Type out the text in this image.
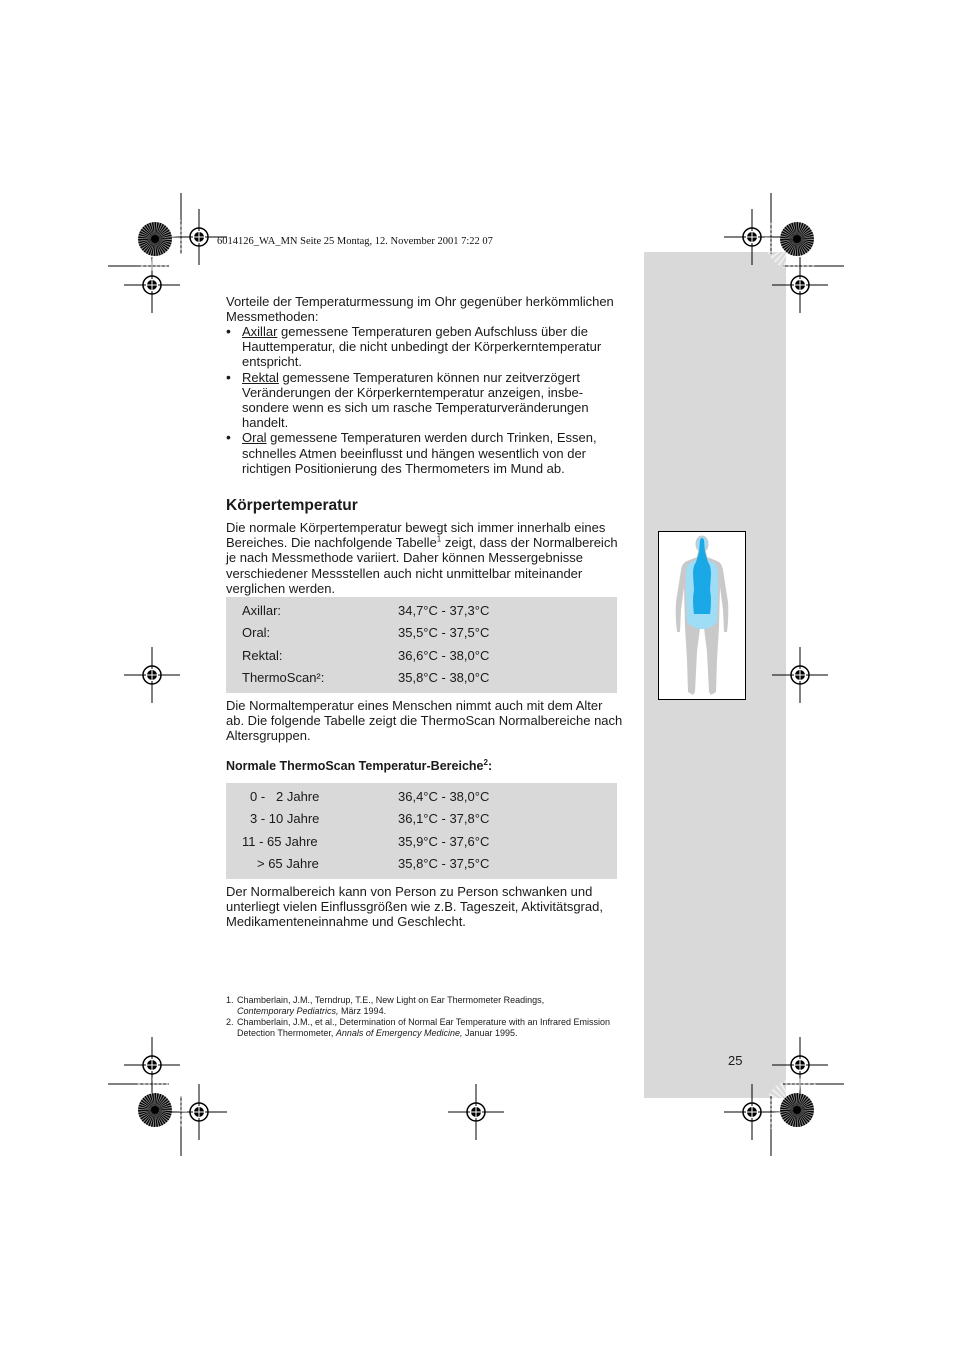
6014126_WA_MN Seite 25 Montag, 12. November 2001 7:22 07
Vorteile der Temperaturmessung im Ohr gegenüber herkömmlichen Messmethoden:
• Axillar gemessene Temperaturen geben Aufschluss über die Hauttemperatur, die nicht unbedingt der Körperkerntemperatur entspricht.
• Rektal gemessene Temperaturen können nur zeitverzögert Veränderungen der Körperkerntemperatur anzeigen, insbe-sondere wenn es sich um rasche Temperaturveränderungen handelt.
• Oral gemessene Temperaturen werden durch Trinken, Essen, schnelles Atmen beeinflusst und hängen wesentlich von der richtigen Positionierung des Thermometers im Mund ab.
Körpertemperatur
Die normale Körpertemperatur bewegt sich immer innerhalb eines Bereiches. Die nachfolgende Tabelle$^1$ zeigt, dass der Normalbereich je nach Messmethode variiert. Daher können Messergebnisse verschiedener Messstellen auch nicht unmittelbar miteinander verglichen werden.
Axillar:	34,7°C - 37,3°C
Oral:	35,5°C - 37,5°C
Rektal:	36,6°C - 38,0°C
ThermoScan²:	35,8°C - 38,0°C
Die Normaltemperatur eines Menschen nimmt auch mit dem Alter ab. Die folgende Tabelle zeigt die ThermoScan Normalbereiche nach Altersgruppen.
Normale ThermoScan Temperatur-Bereiche$^2$:
0 -   2 Jahre	36,4°C - 38,0°C
3 - 10 Jahre	36,1°C - 37,8°C
11 - 65 Jahre	35,9°C - 37,6°C
> 65 Jahre	35,8°C - 37,5°C
Der Normalbereich kann von Person zu Person schwanken und unterliegt vielen Einflussgrößen wie z.B. Tageszeit, Aktivitätsgrad, Medikamenteneinnahme und Geschlecht.
1. Chamberlain, J.M., Terndrup, T.E., New Light on Ear Thermometer Readings,
Contemporary Pediatrics, März 1994.
2. Chamberlain, J.M., et al., Determination of Normal Ear Temperature with an Infrared Emission Detection Thermometer, Annals of Emergency Medicine, Januar 1995.
25
